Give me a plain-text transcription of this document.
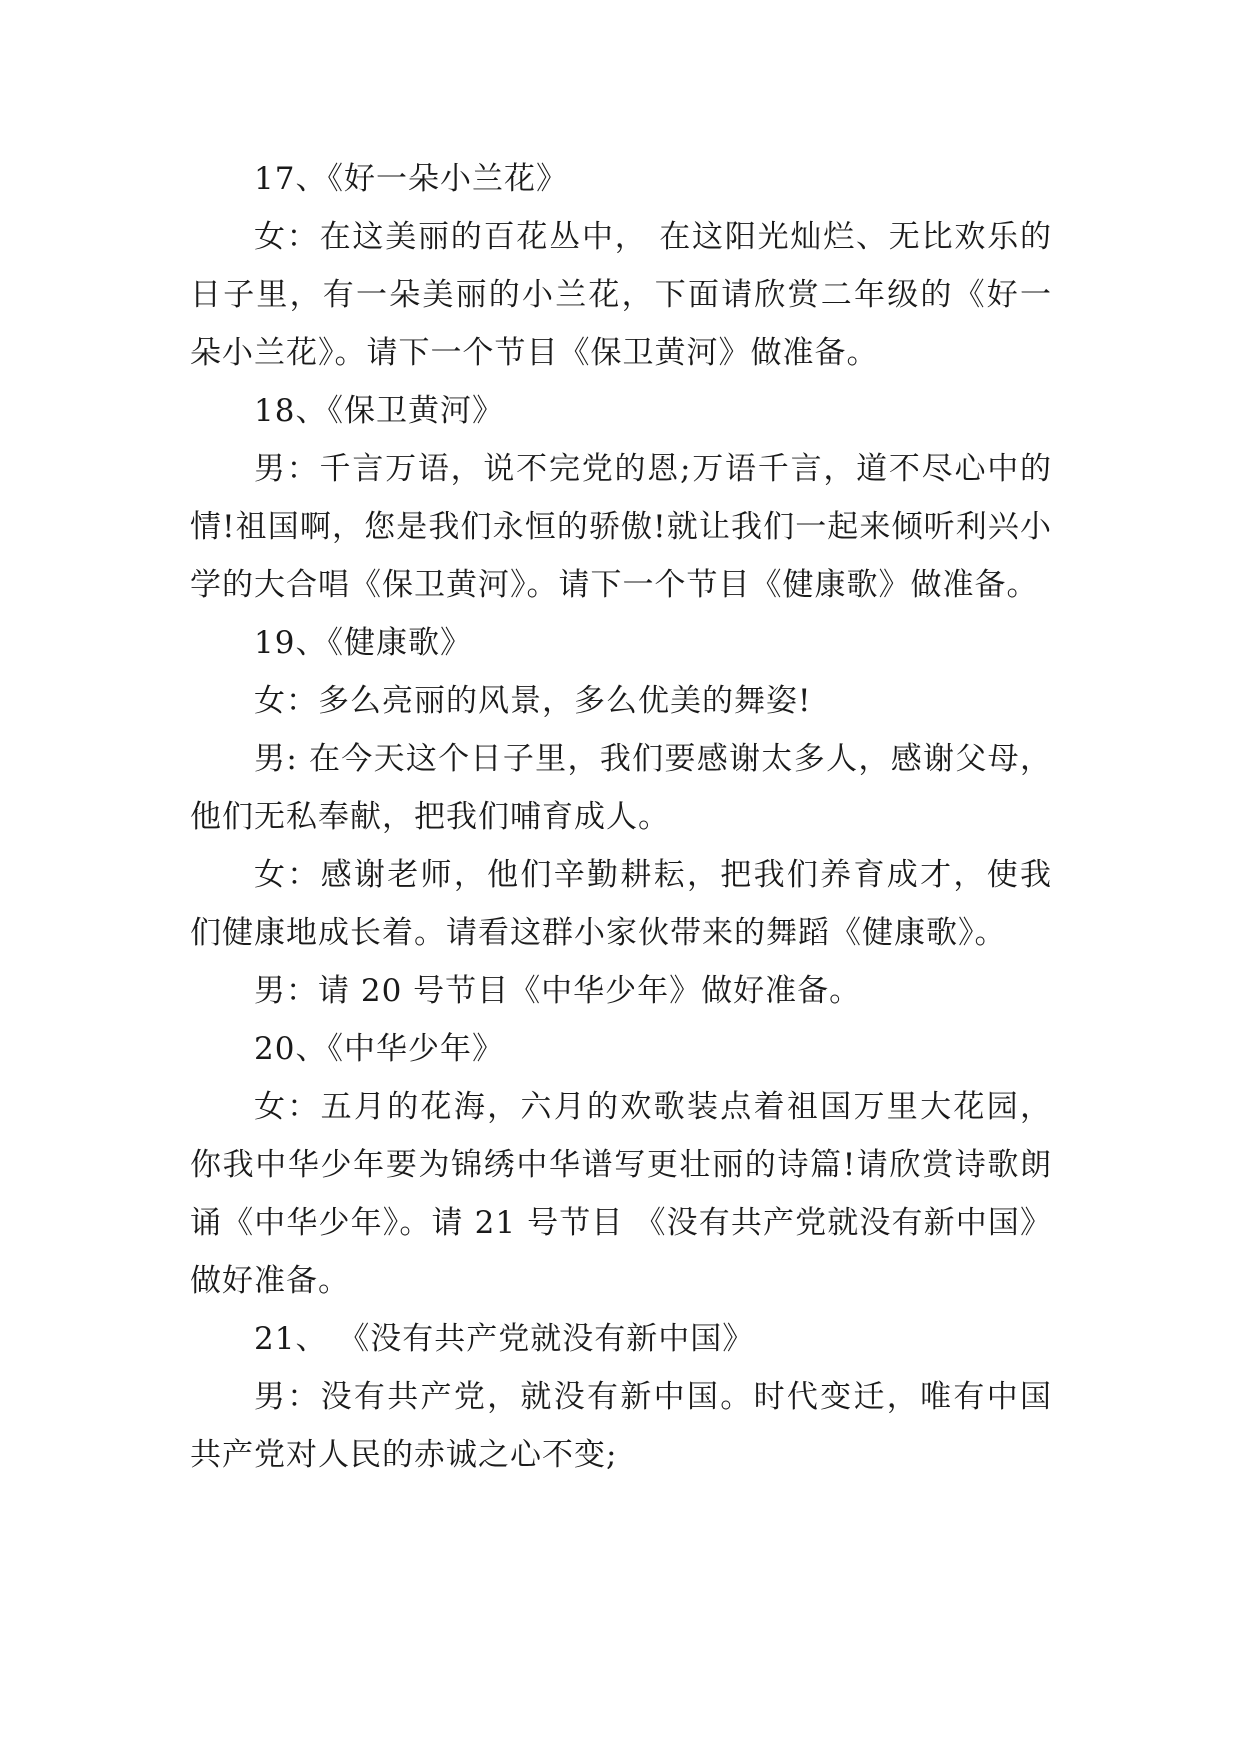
17、《好一朵小兰花》

女：在这美丽的百花丛中， 在这阳光灿烂、无比欢乐的日子里，有一朵美丽的小兰花，下面请欣赏二年级的《好一朵小兰花》。请下一个节目《保卫黄河》做准备。

18、《保卫黄河》

男：千言万语，说不完党的恩;万语千言，道不尽心中的情!祖国啊，您是我们永恒的骄傲!就让我们一起来倾听利兴小学的大合唱《保卫黄河》。请下一个节目《健康歌》做准备。

19、《健康歌》

女：多么亮丽的风景，多么优美的舞姿!

男: 在今天这个日子里，我们要感谢太多人，感谢父母，他们无私奉献，把我们哺育成人。

女：感谢老师，他们辛勤耕耘，把我们养育成才，使我们健康地成长着。请看这群小家伙带来的舞蹈《健康歌》。

男：请 20 号节目《中华少年》做好准备。

20、《中华少年》

女：五月的花海，六月的欢歌装点着祖国万里大花园，你我中华少年要为锦绣中华谱写更壮丽的诗篇!请欣赏诗歌朗诵《中华少年》。请 21 号节目 《没有共产党就没有新中国》做好准备。

21、 《没有共产党就没有新中国》

男：没有共产党，就没有新中国。时代变迁，唯有中国共产党对人民的赤诚之心不变;
